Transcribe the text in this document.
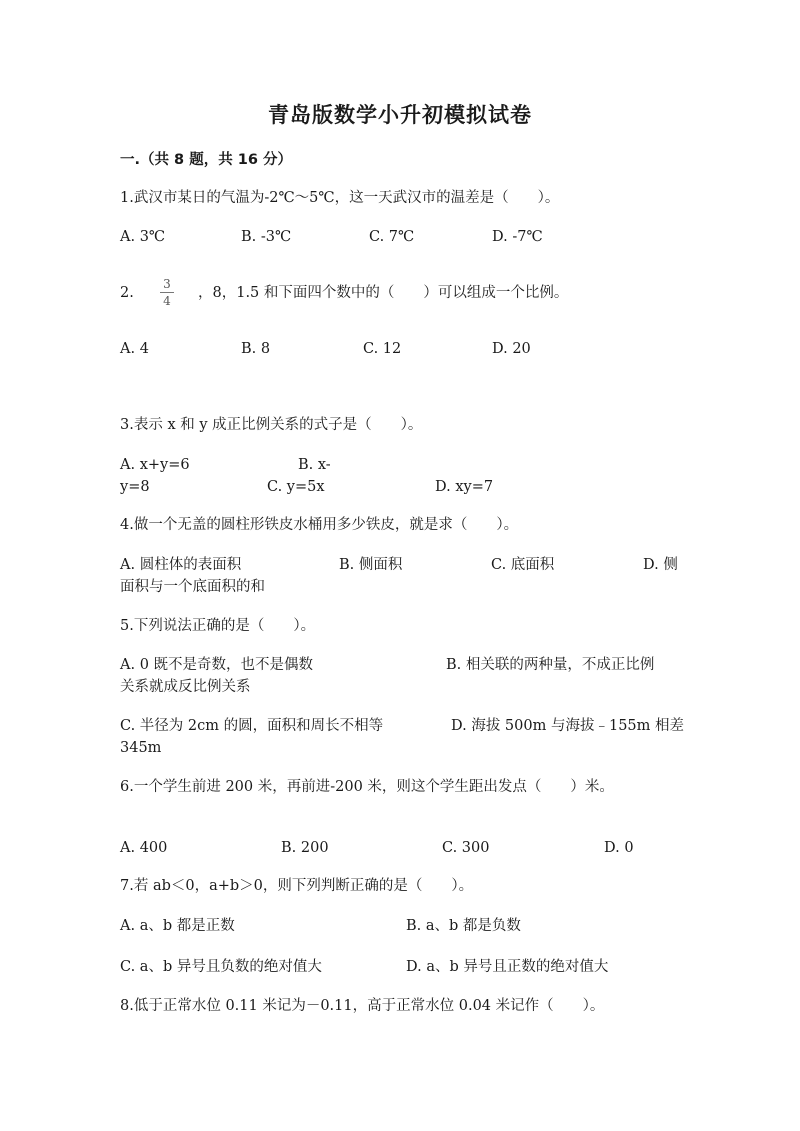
青岛版数学小升初模拟试卷
一.（共 8 题，共 16 分）
1.武汉市某日的气温为-2℃～5℃，这一天武汉市的温差是（　　）。
A. 3℃	B. -3℃	C. 7℃	D. -7℃
2. $\frac{3}{4}$ ，8，1.5 和下面四个数中的（　　）可以组成一个比例。
A. 4	B. 8	C. 12	D. 20
3.表示 x 和 y 成正比例关系的式子是（　　）。
A. x+y=6	B. x-
y=8	C. y=5x	D. xy=7
4.做一个无盖的圆柱形铁皮水桶用多少铁皮，就是求（　　）。
A. 圆柱体的表面积	B. 侧面积	C. 底面积	D. 侧
面积与一个底面积的和
5.下列说法正确的是（　　）。
A. 0 既不是奇数，也不是偶数	B. 相关联的两种量，不成正比例
关系就成反比例关系
C. 半径为 2cm 的圆，面积和周长不相等	D. 海拔 500m 与海拔﹣155m 相差
345m
6.一个学生前进 200 米，再前进-200 米，则这个学生距出发点（　　）米。
A. 400	B. 200	C. 300	D. 0
7.若 ab＜0，a+b＞0，则下列判断正确的是（　　）。
A. a、b 都是正数	B. a、b 都是负数
C. a、b 异号且负数的绝对值大	D. a、b 异号且正数的绝对值大
8.低于正常水位 0.11 米记为－0.11，高于正常水位 0.04 米记作（　　）。
